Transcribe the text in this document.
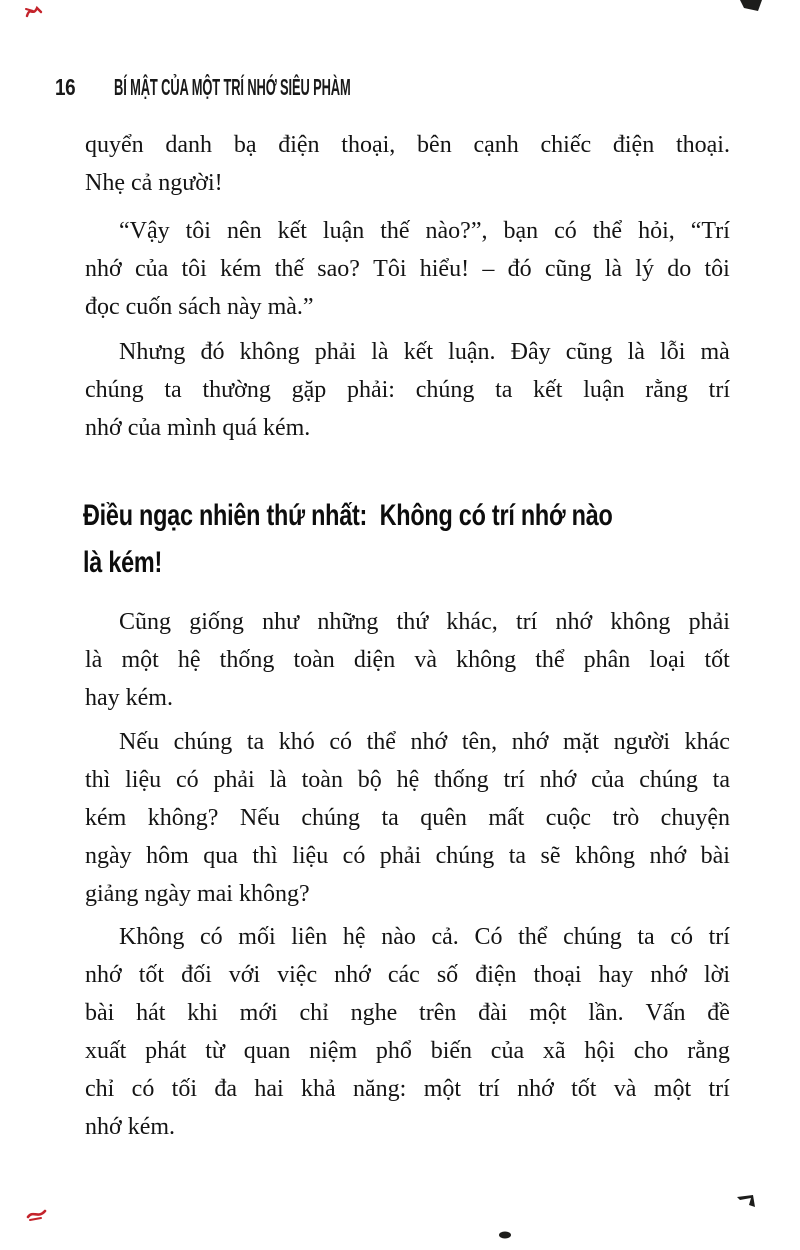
16 BÍ MẬT CỦA MỘT TRÍ NHỚ SIÊU PHÀM
quyển danh bạ điện thoại, bên cạnh chiếc điện thoại.
Nhẹ cả người!
“Vậy tôi nên kết luận thế nào?”, bạn có thể hỏi, “Trí
nhớ của tôi kém thế sao? Tôi hiểu! – đó cũng là lý do tôi
đọc cuốn sách này mà.”
Nhưng đó không phải là kết luận. Đây cũng là lỗi mà
chúng ta thường gặp phải: chúng ta kết luận rằng trí
nhớ của mình quá kém.
Điều ngạc nhiên thứ nhất:  Không có trí nhớ nào
là kém!
Cũng giống như những thứ khác, trí nhớ không phải
là một hệ thống toàn diện và không thể phân loại tốt
hay kém.
Nếu chúng ta khó có thể nhớ tên, nhớ mặt người khác
thì liệu có phải là toàn bộ hệ thống trí nhớ của chúng ta
kém không? Nếu chúng ta quên mất cuộc trò chuyện
ngày hôm qua thì liệu có phải chúng ta sẽ không nhớ bài
giảng ngày mai không?
Không có mối liên hệ nào cả. Có thể chúng ta có trí
nhớ tốt đối với việc nhớ các số điện thoại hay nhớ lời
bài hát khi mới chỉ nghe trên đài một lần. Vấn đề
xuất phát từ quan niệm phổ biến của xã hội cho rằng
chỉ có tối đa hai khả năng: một trí nhớ tốt và một trí
nhớ kém.
